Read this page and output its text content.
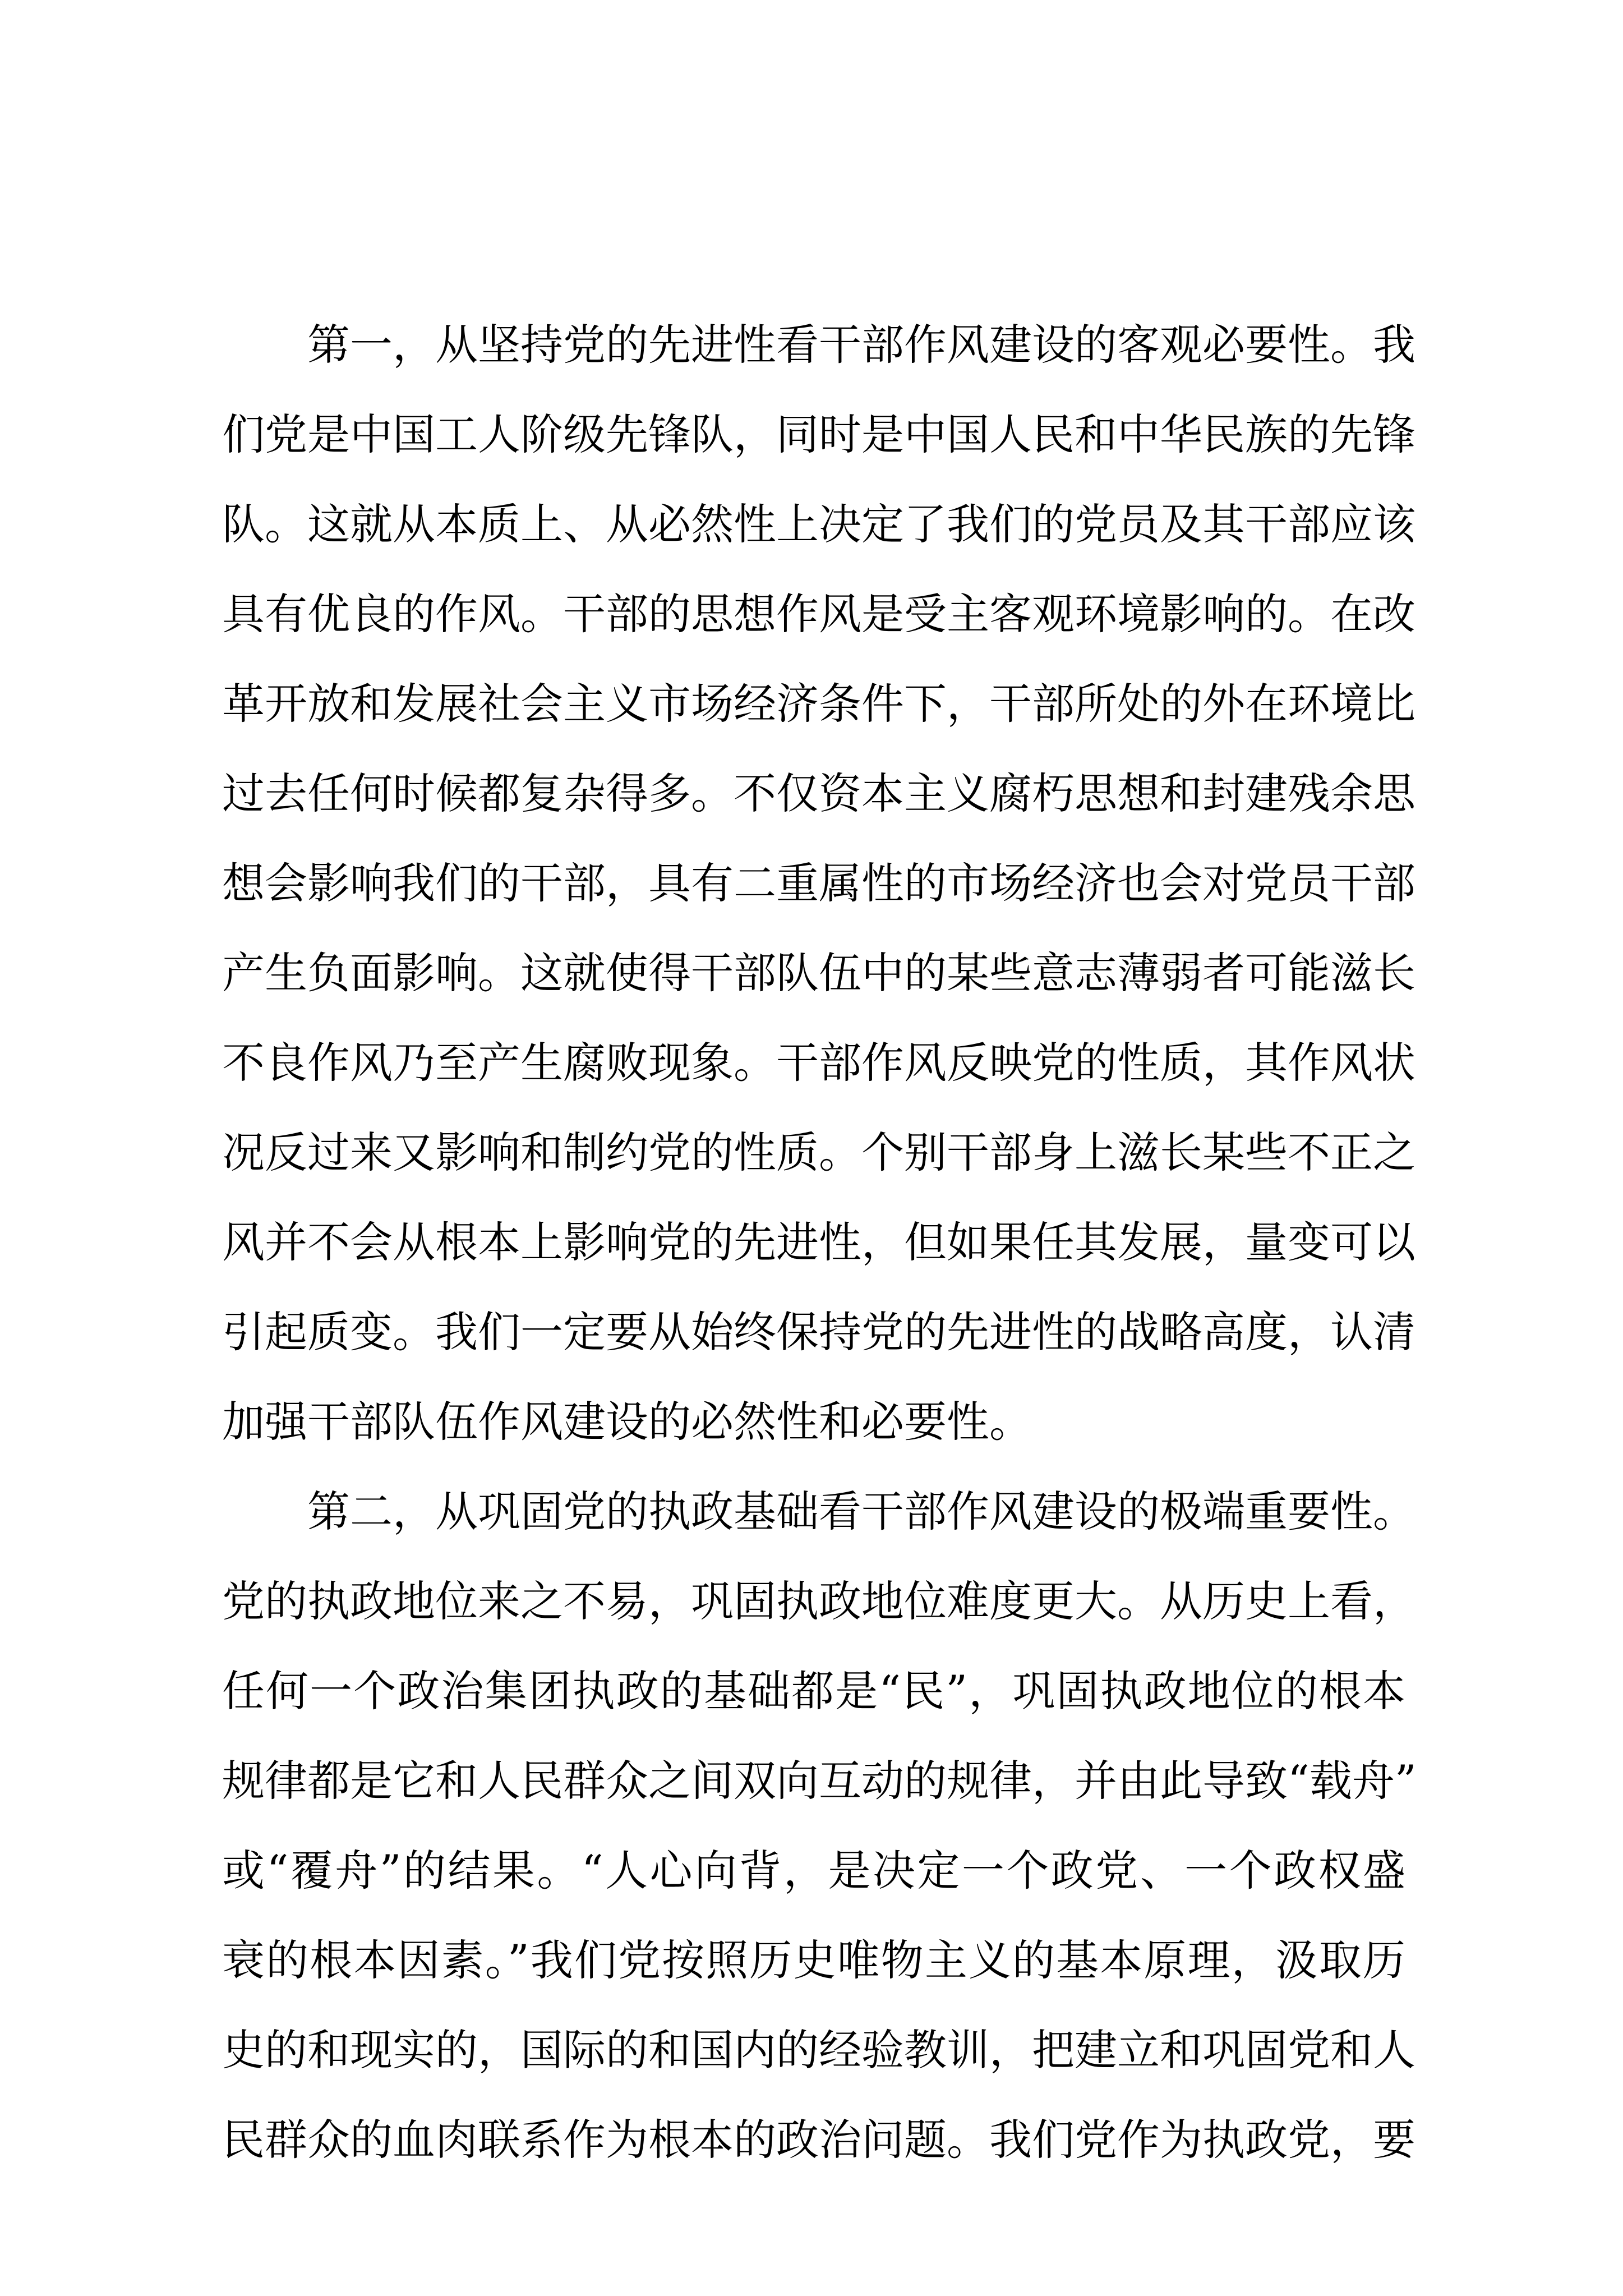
第一，从坚持党的先进性看干部作风建设的客观必要性。我
们党是中国工人阶级先锋队，同时是中国人民和中华民族的先锋
队。这就从本质上、从必然性上决定了我们的党员及其干部应该
具有优良的作风。干部的思想作风是受主客观环境影响的。在改
革开放和发展社会主义市场经济条件下，干部所处的外在环境比
过去任何时候都复杂得多。不仅资本主义腐朽思想和封建残余思
想会影响我们的干部，具有二重属性的市场经济也会对党员干部
产生负面影响。这就使得干部队伍中的某些意志薄弱者可能滋长
不良作风乃至产生腐败现象。干部作风反映党的性质，其作风状
况反过来又影响和制约党的性质。个别干部身上滋长某些不正之
风并不会从根本上影响党的先进性，但如果任其发展，量变可以
引起质变。我们一定要从始终保持党的先进性的战略高度，认清
加强干部队伍作风建设的必然性和必要性。
第二，从巩固党的执政基础看干部作风建设的极端重要性。
党的执政地位来之不易，巩固执政地位难度更大。从历史上看，
任何一个政治集团执政的基础都是“民”，巩固执政地位的根本
规律都是它和人民群众之间双向互动的规律，并由此导致“载舟”
或“覆舟”的结果。“人心向背，是决定一个政党、一个政权盛
衰的根本因素。”我们党按照历史唯物主义的基本原理，汲取历
史的和现实的，国际的和国内的经验教训，把建立和巩固党和人
民群众的血肉联系作为根本的政治问题。我们党作为执政党，要
